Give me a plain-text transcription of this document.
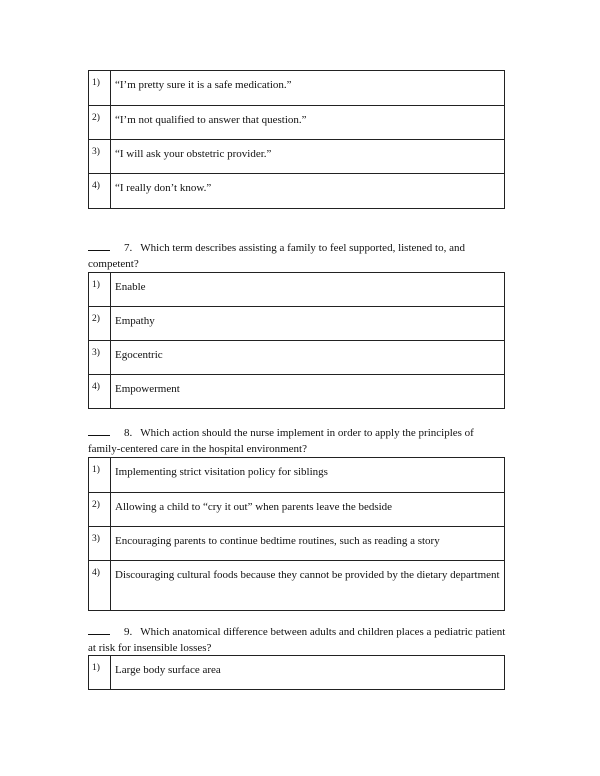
1)	“I’m pretty sure it is a safe medication.”
2)	“I’m not qualified to answer that question.”
3)	“I will ask your obstetric provider.”
4)	“I really don’t know.”
7. Which term describes assisting a family to feel supported, listened to, and competent?
1)	Enable
2)	Empathy
3)	Egocentric
4)	Empowerment
8. Which action should the nurse implement in order to apply the principles of family-centered care in the hospital environment?
1)	Implementing strict visitation policy for siblings
2)	Allowing a child to “cry it out” when parents leave the bedside
3)	Encouraging parents to continue bedtime routines, such as reading a story
4)	Discouraging cultural foods because they cannot be provided by the dietary department
9. Which anatomical difference between adults and children places a pediatric patient at risk for insensible losses?
1)	Large body surface area
